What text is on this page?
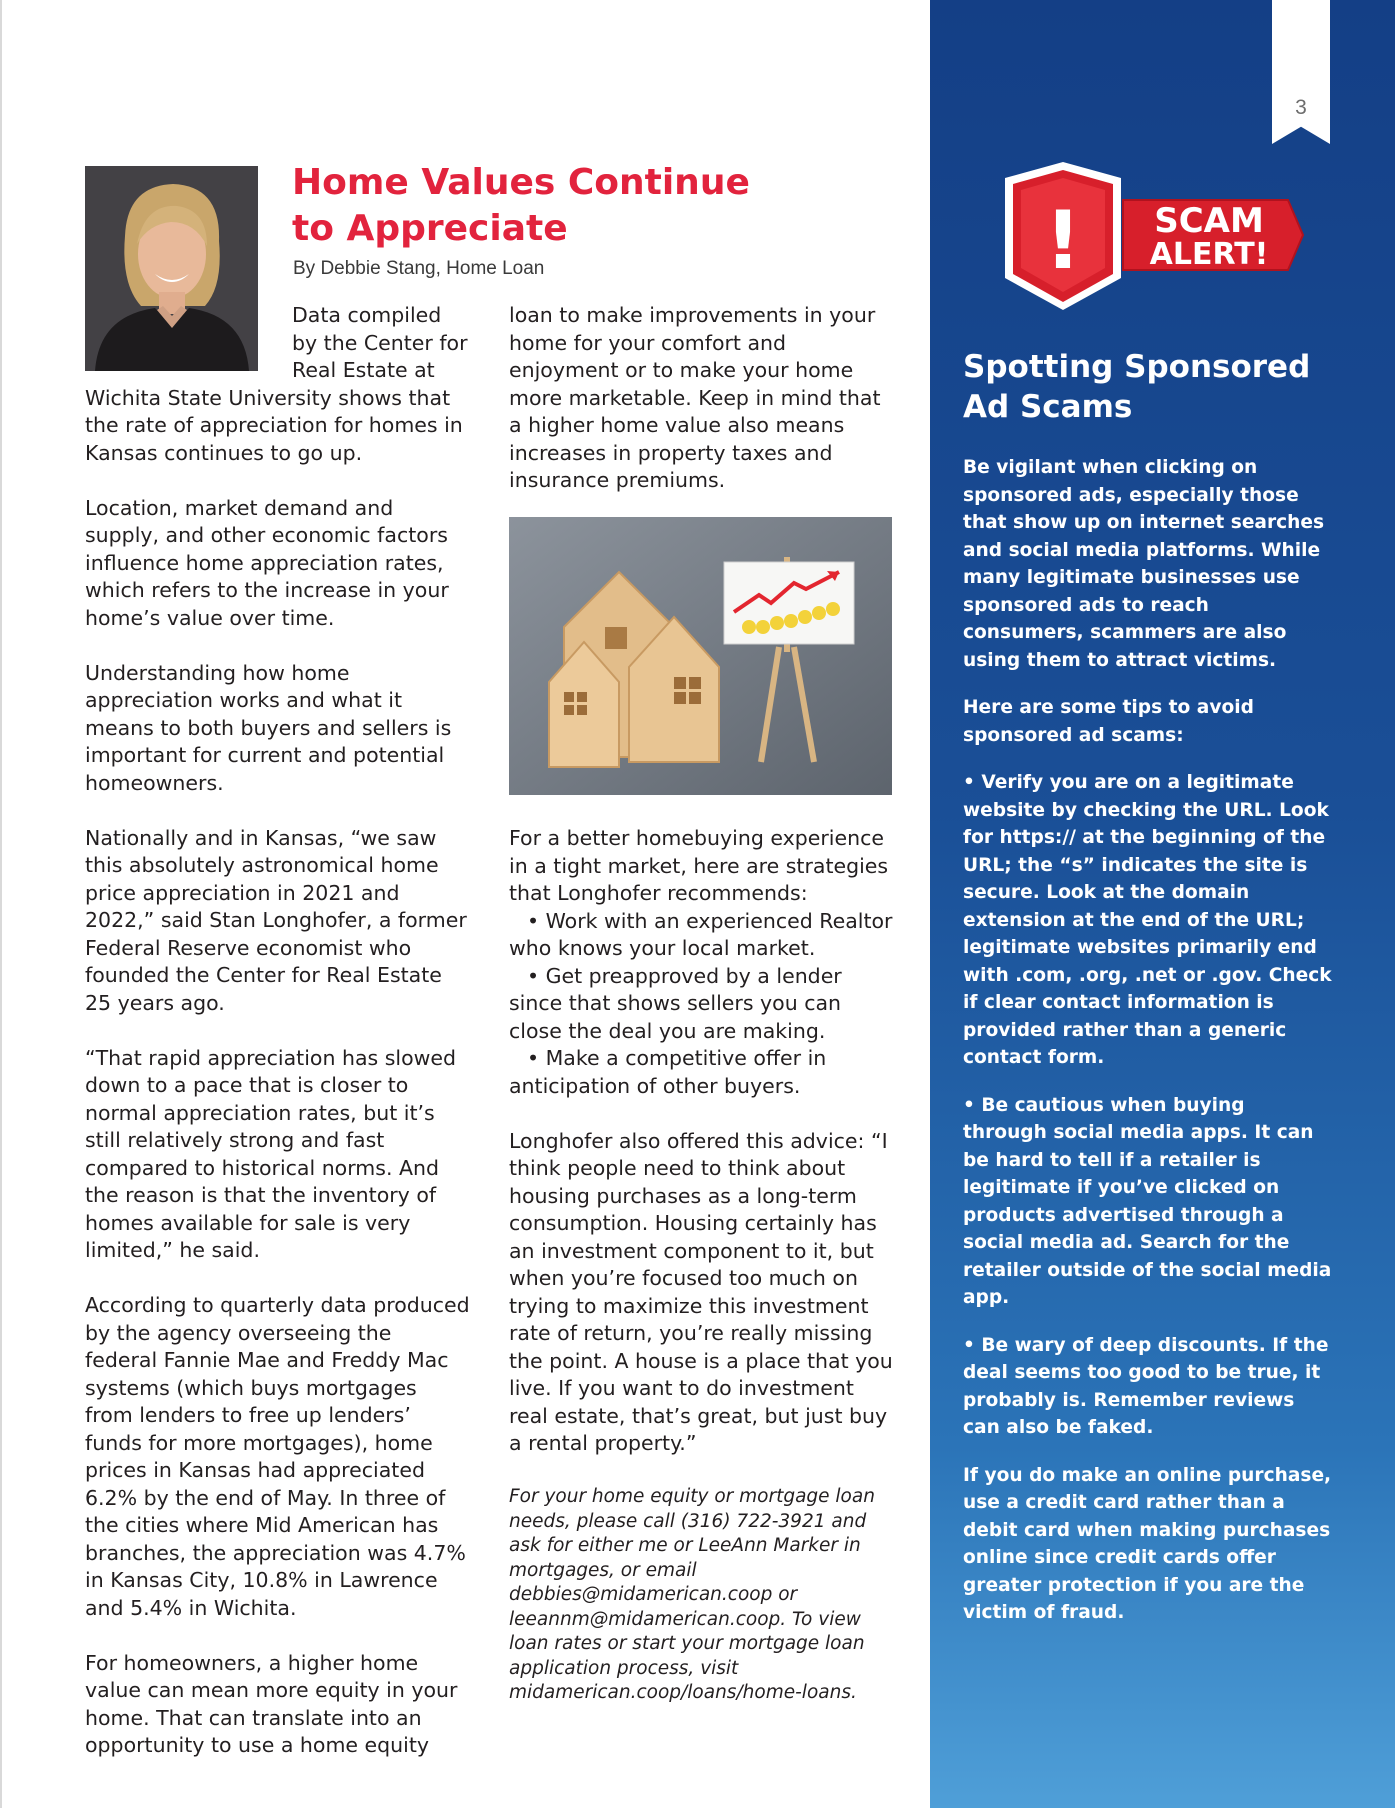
Home Values Continue
to Appreciate
By Debbie Stang, Home Loan

Data compiled by the Center for Real Estate at Wichita State University shows that the rate of appreciation for homes in Kansas continues to go up.

Location, market demand and supply, and other economic factors influence home appreciation rates, which refers to the increase in your home’s value over time.

Understanding how home appreciation works and what it means to both buyers and sellers is important for current and potential homeowners.

Nationally and in Kansas, “we saw this absolutely astronomical home price appreciation in 2021 and 2022,” said Stan Longhofer, a former Federal Reserve economist who founded the Center for Real Estate 25 years ago.

“That rapid appreciation has slowed down to a pace that is closer to normal appreciation rates, but it’s still relatively strong and fast compared to historical norms. And the reason is that the inventory of homes available for sale is very limited,” he said.

According to quarterly data produced by the agency overseeing the federal Fannie Mae and Freddy Mac systems (which buys mortgages from lenders to free up lenders’ funds for more mortgages), home prices in Kansas had appreciated 6.2% by the end of May. In three of the cities where Mid American has branches, the appreciation was 4.7% in Kansas City, 10.8% in Lawrence and 5.4% in Wichita.

For homeowners, a higher home value can mean more equity in your home. That can translate into an opportunity to use a home equity

loan to make improvements in your home for your comfort and enjoyment or to make your home more marketable. Keep in mind that a higher home value also means increases in property taxes and insurance premiums.

For a better homebuying experience in a tight market, here are strategies that Longhofer recommends:

• Work with an experienced Realtor who knows your local market.
• Get preapproved by a lender since that shows sellers you can close the deal you are making.
• Make a competitive offer in anticipation of other buyers.

Longhofer also offered this advice: “I think people need to think about housing purchases as a long-term consumption. Housing certainly has an investment component to it, but when you’re focused too much on trying to maximize this investment rate of return, you’re really missing the point. A house is a place that you live. If you want to do investment real estate, that’s great, but just buy a rental property.”

For your home equity or mortgage loan needs, please call (316) 722-3921 and ask for either me or LeeAnn Marker in mortgages, or email debbies@midamerican.coop or leeannm@midamerican.coop. To view loan rates or start your mortgage loan application process, visit midamerican.coop/loans/home-loans.

3
! SCAM
ALERT!
Spotting Sponsored
Ad Scams

Be vigilant when clicking on sponsored ads, especially those that show up on internet searches and social media platforms. While many legitimate businesses use sponsored ads to reach consumers, scammers are also using them to attract victims.

Here are some tips to avoid sponsored ad scams:

• Verify you are on a legitimate website by checking the URL. Look for https:// at the beginning of the URL; the “s” indicates the site is secure. Look at the domain extension at the end of the URL; legitimate websites primarily end with .com, .org, .net or .gov. Check if clear contact information is provided rather than a generic contact form.

• Be cautious when buying through social media apps. It can be hard to tell if a retailer is legitimate if you’ve clicked on products advertised through a social media ad. Search for the retailer outside of the social media app.

• Be wary of deep discounts. If the deal seems too good to be true, it probably is. Remember reviews can also be faked.

If you do make an online purchase, use a credit card rather than a debit card when making purchases online since credit cards offer greater protection if you are the victim of fraud.
